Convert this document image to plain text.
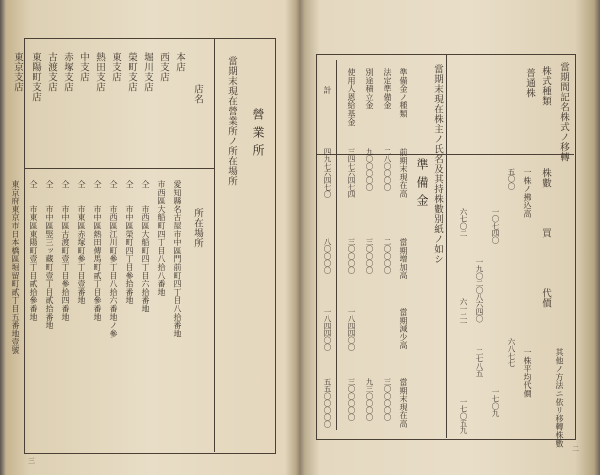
營業所
當期末現在營業所ノ所在場所
店名
所在場所
本店
愛知縣名古屋市中區門前町四丁目八拾番地
西支店
市西區大船町四丁目八拾八番地
堀川支店
仝　　市西區大船町四丁目六拾番地
榮町支店
仝　　市中區榮町四丁目參拾番地
東支店
仝　　市西區江川町參丁目八拾六番地ノ參
熱田支店
仝　　市中區熱田傳馬町貳丁目參番地
中支店
仝　　市東區赤塚町參丁目壹番地
赤塚支店
仝　　市中區古渡町壹丁目參拾四番地
古渡支店
仝　　市中區竪三ッ藏町壹丁目貳拾番地
東陽町支店
仝　　市東區東陽町壹丁目貳拾參番地
東京支店
東京府東京市日本橋區堀留町貳丁目五番地壹號
三
當期間記名株式ノ移轉
株式種類
一株ノ拂込高
普通株
買
株數
代價
其他ノ方法ニ依リ移轉株數
一株平均代價
五〇〇
一〇七四〇
一九〇二〇八六四〇
六八七七
一七〇九
六七〇二
六一二一
二七八五
一七〇五九
當期末現在株主ノ氏名及其持株數別紙ノ如シ
準備金
準備金ノ種類
前期末現在高
當期增加高
當期減少高
當期末現在高
法定準備金
二八〇〇〇〇
二〇〇〇〇
三〇〇〇〇〇
別途積立金
九〇〇〇〇〇
三〇〇〇〇
九三〇〇〇〇
使用人恩給基金
三四七六四七四
三〇〇〇〇
一八四四〇〇
三〇〇〇〇〇
計
四九七六四七〇
八〇〇〇〇
一八四四〇〇
五五〇〇〇〇〇
二
